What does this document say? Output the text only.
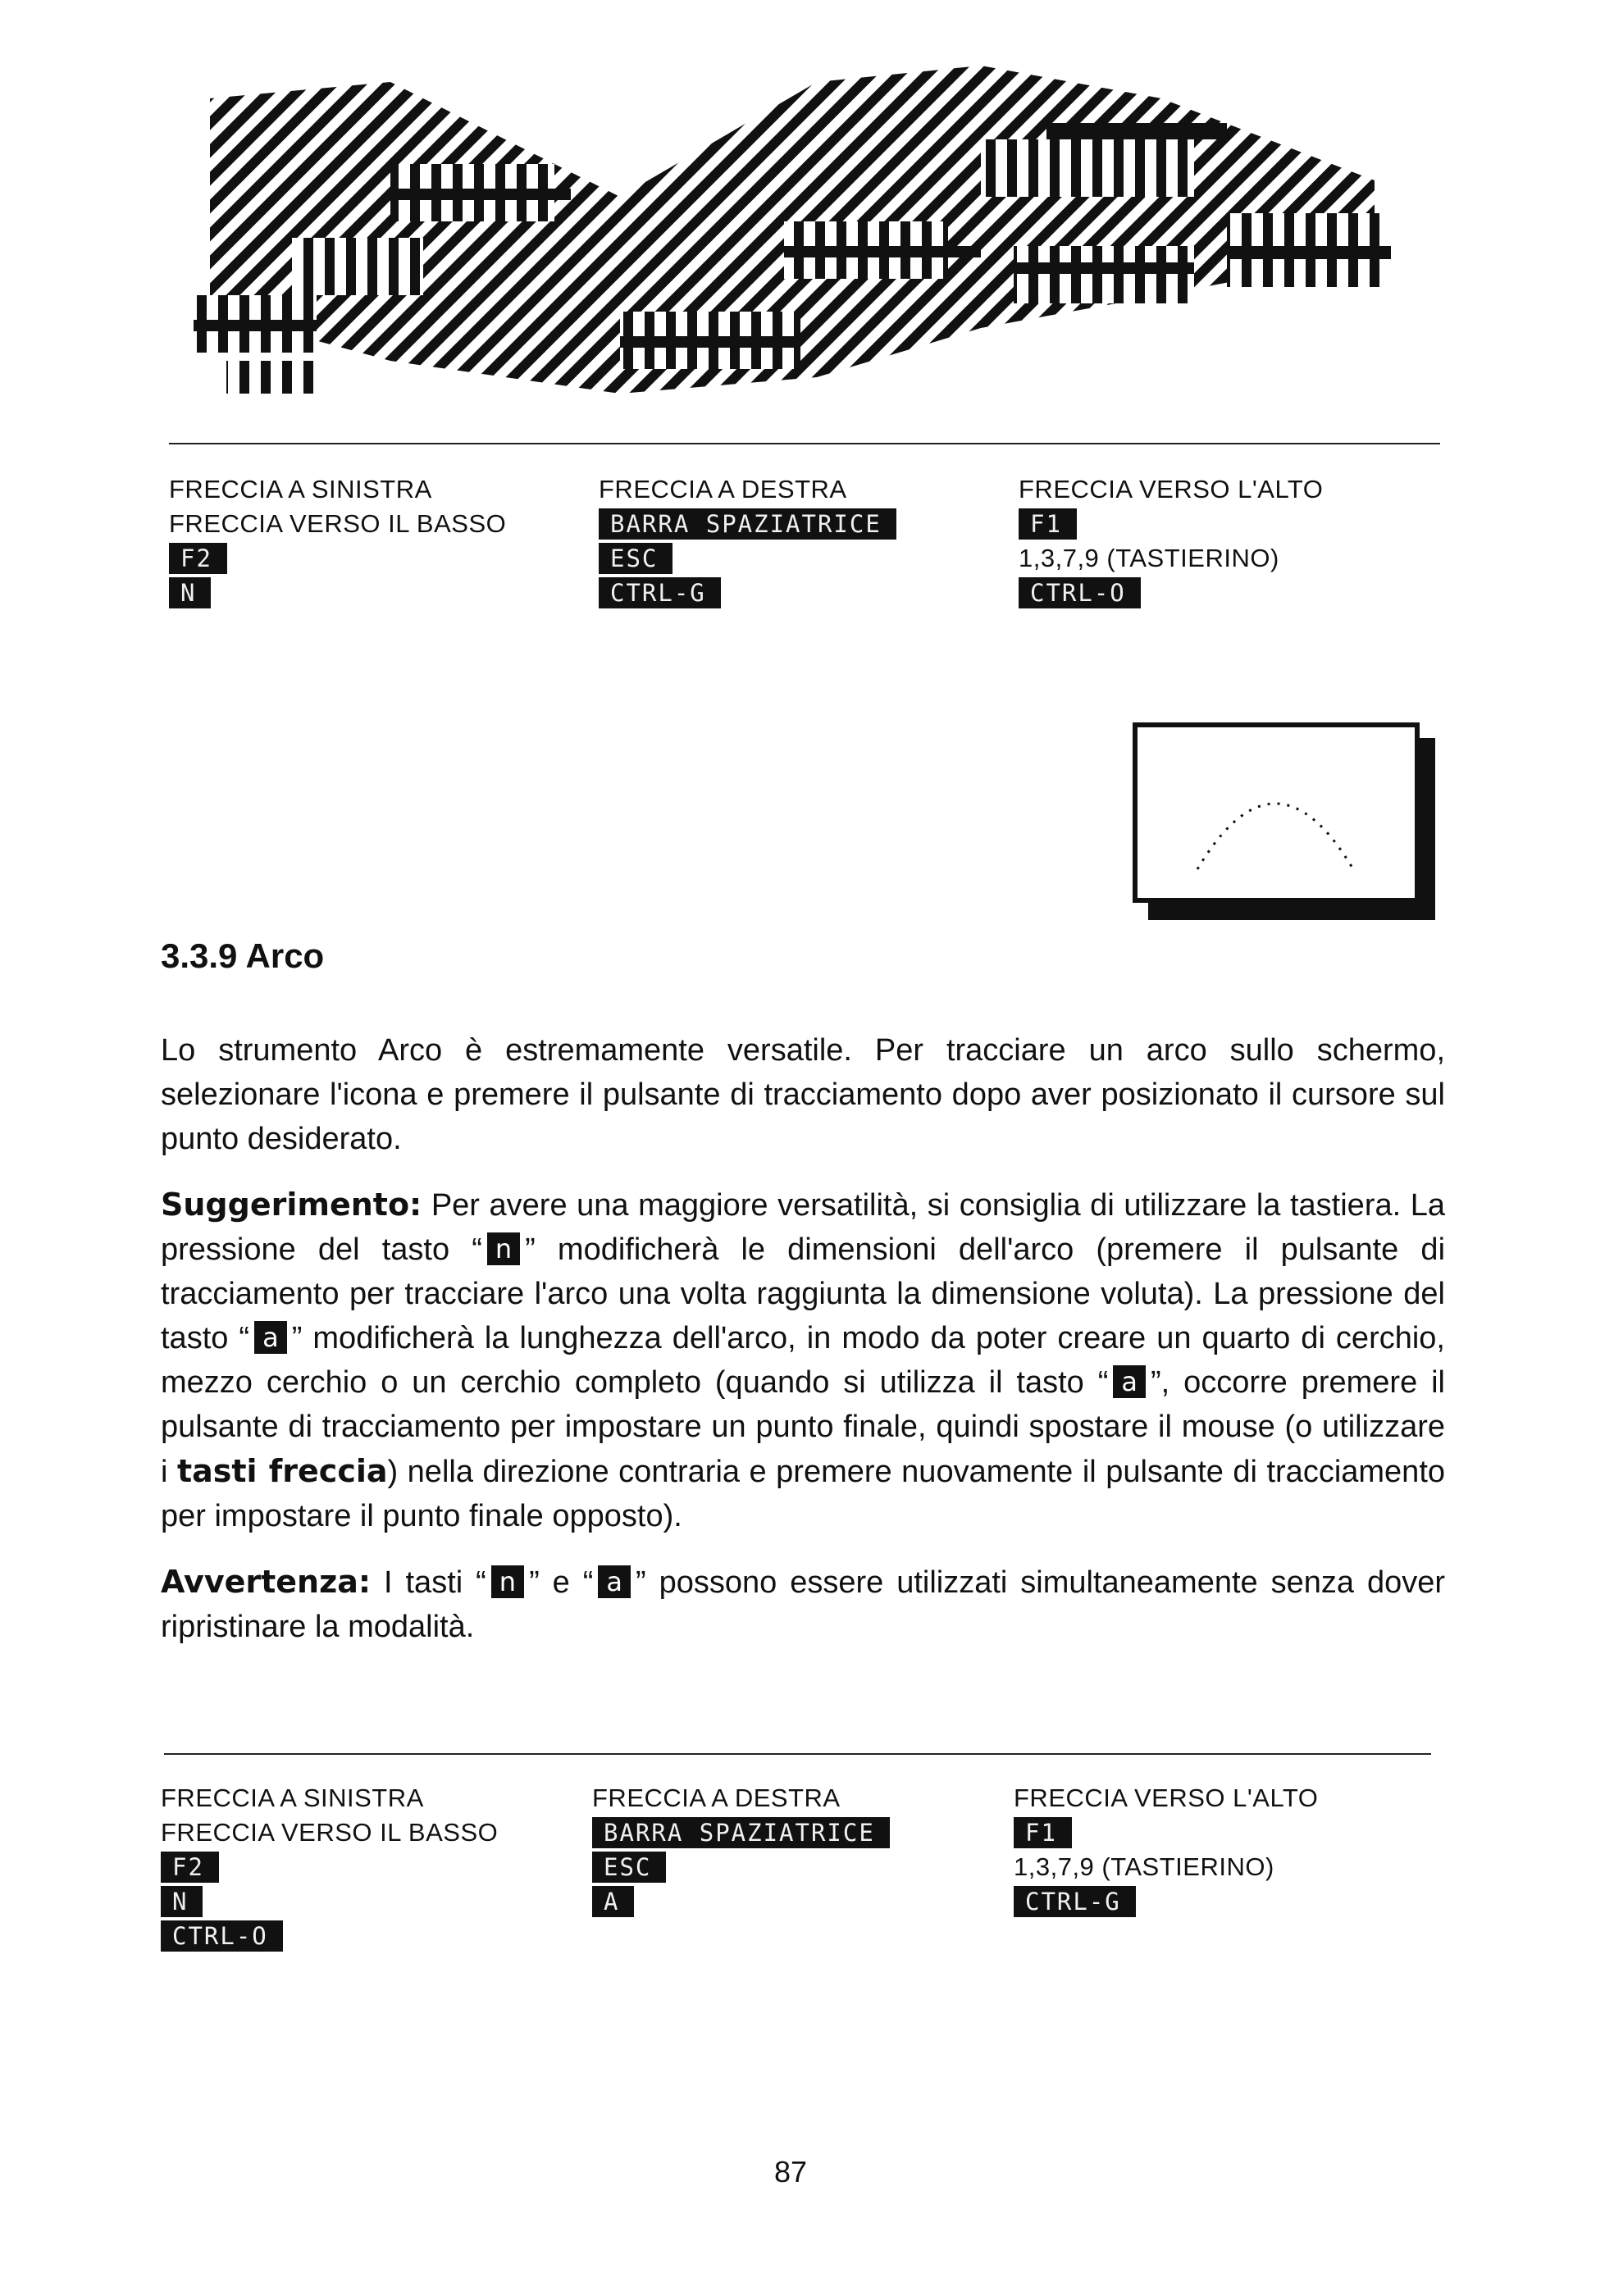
FRECCIA A SINISTRA
FRECCIA VERSO IL BASSO
F2
N
FRECCIA A DESTRA
BARRA SPAZIATRICE
ESC
CTRL-G
FRECCIA VERSO L'ALTO
F1
1,3,7,9 (TASTIERINO)
CTRL-O
3.3.9 Arco

Lo strumento Arco è estremamente versatile. Per tracciare un arco sullo schermo, selezionare l'icona e premere il pulsante di tracciamento dopo aver posizionato il cursore sul punto desiderato.

Suggerimento: Per avere una maggiore versatilità, si consiglia di utilizzare la tastiera. La pressione del tasto “ n ” modificherà le dimensioni dell'arco (premere il pulsante di tracciamento per tracciare l'arco una volta raggiunta la dimensione voluta). La pressione del tasto “ a ” modificherà la lunghezza dell'arco, in modo da poter creare un quarto di cerchio, mezzo cerchio o un cerchio completo (quando si utilizza il tasto “ a ”, occorre premere il pulsante di tracciamento per impostare un punto finale, quindi spostare il mouse (o utilizzare i tasti freccia) nella direzione contraria e premere nuovamente il pulsante di tracciamento per impostare il punto finale opposto).

Avvertenza: I tasti “ n ” e “ a ” possono essere utilizzati simultaneamente senza dover ripristinare la modalità.

FRECCIA A SINISTRA
FRECCIA VERSO IL BASSO
F2
N
CTRL-O
FRECCIA A DESTRA
BARRA SPAZIATRICE
ESC
A
FRECCIA VERSO L'ALTO
F1
1,3,7,9 (TASTIERINO)
CTRL-G
87
